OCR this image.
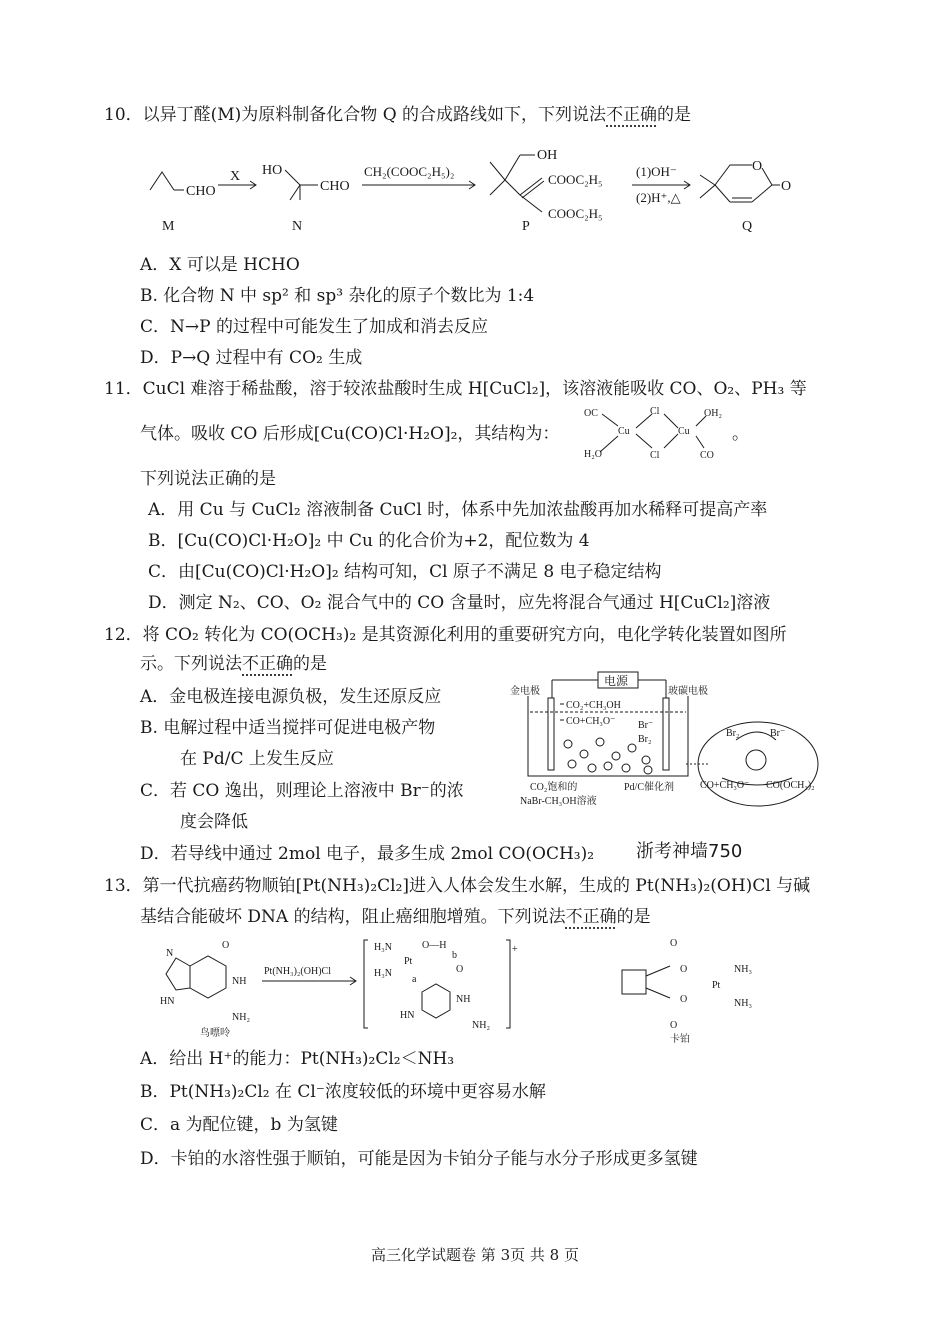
10．以异丁醛(M)为原料制备化合物 Q 的合成路线如下，下列说法不正确的是
CHO
M
X HO
CHO
N
CH₂(COOC₂H₅)₂
OH
COOC₂H₅
COOC₂H₅
P
(1)OH⁻
(2)H⁺,△
O
O
Q
A．X 可以是 HCHO
B. 化合物 N 中 sp² 和 sp³ 杂化的原子个数比为 1:4
C．N→P 的过程中可能发生了加成和消去反应
D．P→Q 过程中有 CO₂ 生成
11．CuCl 难溶于稀盐酸，溶于较浓盐酸时生成 H[CuCl₂]，该溶液能吸收 CO、O₂、PH₃ 等
气体。吸收 CO 后形成[Cu(CO)Cl·H₂O]₂，其结构为：
OC
Cu
H₂O
Cl
Cl
Cu
OH₂
CO
。
下列说法正确的是
A．用 Cu 与 CuCl₂ 溶液制备 CuCl 时，体系中先加浓盐酸再加水稀释可提高产率
B．[Cu(CO)Cl·H₂O]₂ 中 Cu 的化合价为+2，配位数为 4
C．由[Cu(CO)Cl·H₂O]₂ 结构可知，Cl 原子不满足 8 电子稳定结构
D．测定 N₂、CO、O₂ 混合气中的 CO 含量时，应先将混合气通过 H[CuCl₂]溶液
12．将 CO₂ 转化为 CO(OCH₃)₂ 是其资源化利用的重要研究方向，电化学转化装置如图所
示。下列说法不正确的是
A．金电极连接电源负极，发生还原反应
B. 电解过程中适当搅拌可促进电极产物
在 Pd/C 上发生反应
C．若 CO 逸出，则理论上溶液中 Br⁻的浓
度会降低
D．若导线中通过 2mol 电子，最多生成 2mol CO(OCH₃)₂ 浙考神墙750
电源
金电极	玻碳电极
CO₂+CH₃OH
CO+CH₃O⁻ Br⁻
Br₂
CO₂饱和的
NaBr-CH₃OH溶液
Pd/C催化剂
Br₂	Br⁻
CO+CH₃O⁻ CO(OCH₃)₂
13．第一代抗癌药物顺铂[Pt(NH₃)₂Cl₂]进入人体会发生水解，生成的 Pt(NH₃)₂(OH)Cl 与碱
基结合能破坏 DNA 的结构，阻止癌细胞增殖。下列说法不正确的是
O
NH
N
HN
NH₂
鸟嘌呤
Pt(NH₃)₂(OH)Cl
+
H₃N
H₃N
Pt
O—H
a
b
O
NH
HN
NH₂
O
O
O
O
Pt
NH₃
NH₃
卡铂
A．给出 H⁺的能力：Pt(NH₃)₂Cl₂＜NH₃
B．Pt(NH₃)₂Cl₂ 在 Cl⁻浓度较低的环境中更容易水解
C．a 为配位键，b 为氢键
D．卡铂的水溶性强于顺铂，可能是因为卡铂分子能与水分子形成更多氢键
高三化学试题卷 第 3页 共 8 页
